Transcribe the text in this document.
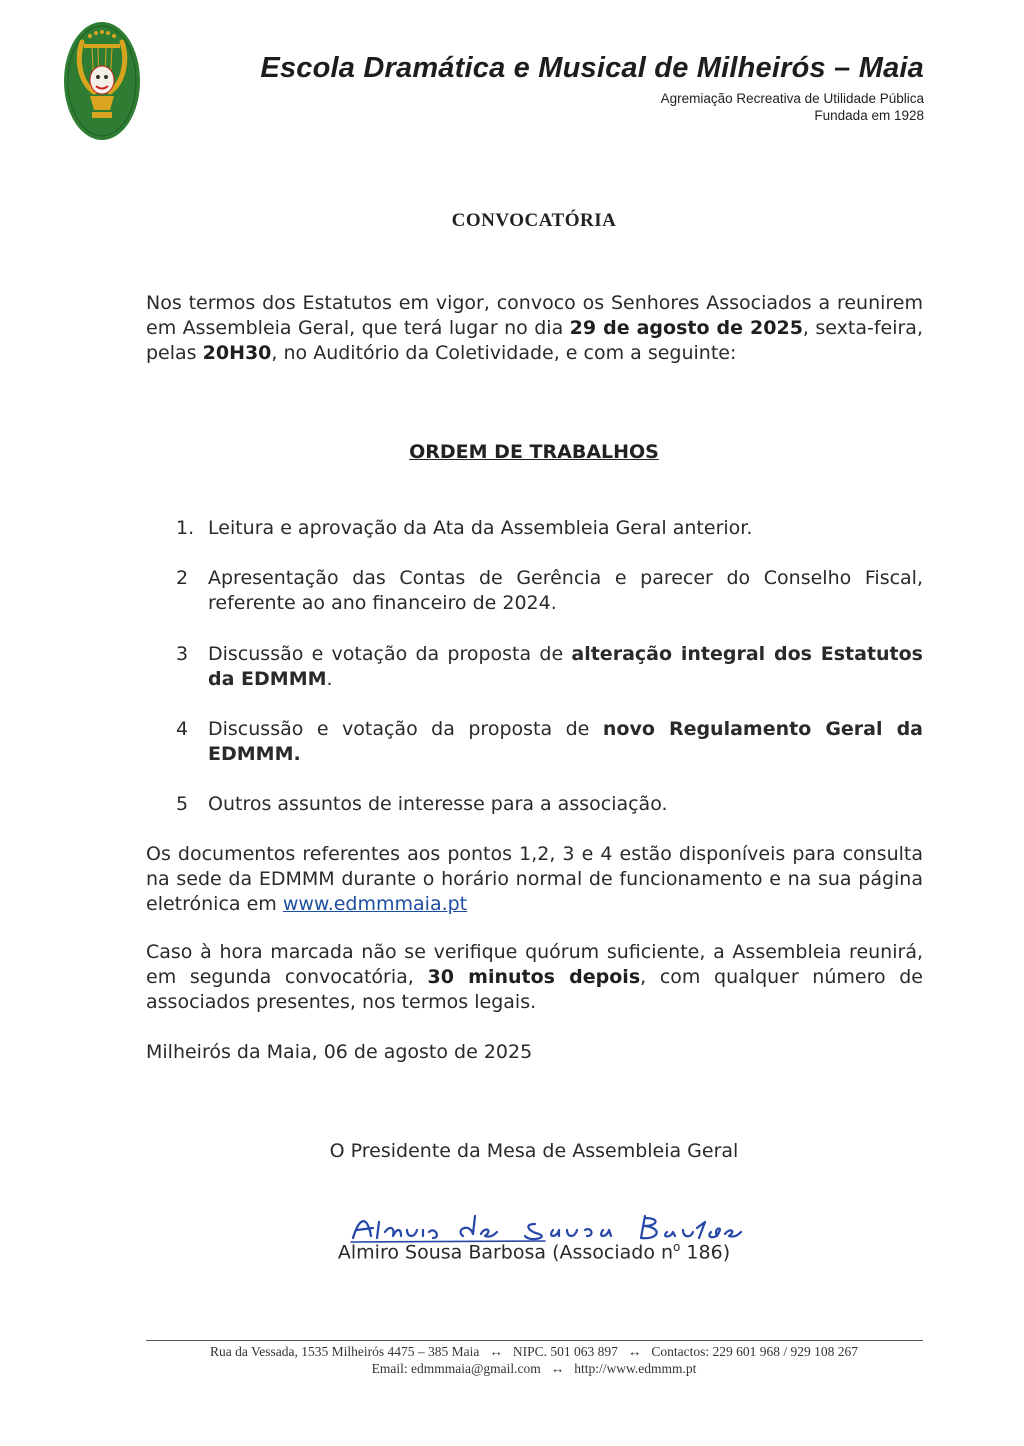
Escola Dramática e Musical de Milheirós – Maia
Agremiação Recreativa de Utilidade Pública
Fundada em 1928
CONVOCATÓRIA
Nos termos dos Estatutos em vigor, convoco os Senhores Associados a reunirem em Assembleia Geral, que terá lugar no dia 29 de agosto de 2025, sexta-feira, pelas 20H30, no Auditório da Coletividade, e com a seguinte:
ORDEM DE TRABALHOS
1. Leitura e aprovação da Ata da Assembleia Geral anterior.
2	Apresentação das Contas de Gerência e parecer do Conselho Fiscal, referente ao ano financeiro de 2024.
3	Discussão e votação da proposta de alteração integral dos Estatutos da EDMMM.
4	Discussão e votação da proposta de novo Regulamento Geral da EDMMM.
5	Outros assuntos de interesse para a associação.
Os documentos referentes aos pontos 1,2, 3 e 4 estão disponíveis para consulta na sede da EDMMM durante o horário normal de funcionamento e na sua página eletrónica em www.edmmmaia.pt
Caso à hora marcada não se verifique quórum suficiente, a Assembleia reunirá, em segunda convocatória, 30 minutos depois, com qualquer número de associados presentes, nos termos legais.
Milheirós da Maia, 06 de agosto de 2025
O Presidente da Mesa de Assembleia Geral
Almiro Sousa Barbosa (Associado $n^o$ 186)
Rua da Vessada, 1535 Milheirós 4475 – 385 Maia ↔ NIPC. 501 063 897 ↔ Contactos: 229 601 968 / 929 108 267
Email: edmmmaia@gmail.com ↔ http://www.edmmm.pt
